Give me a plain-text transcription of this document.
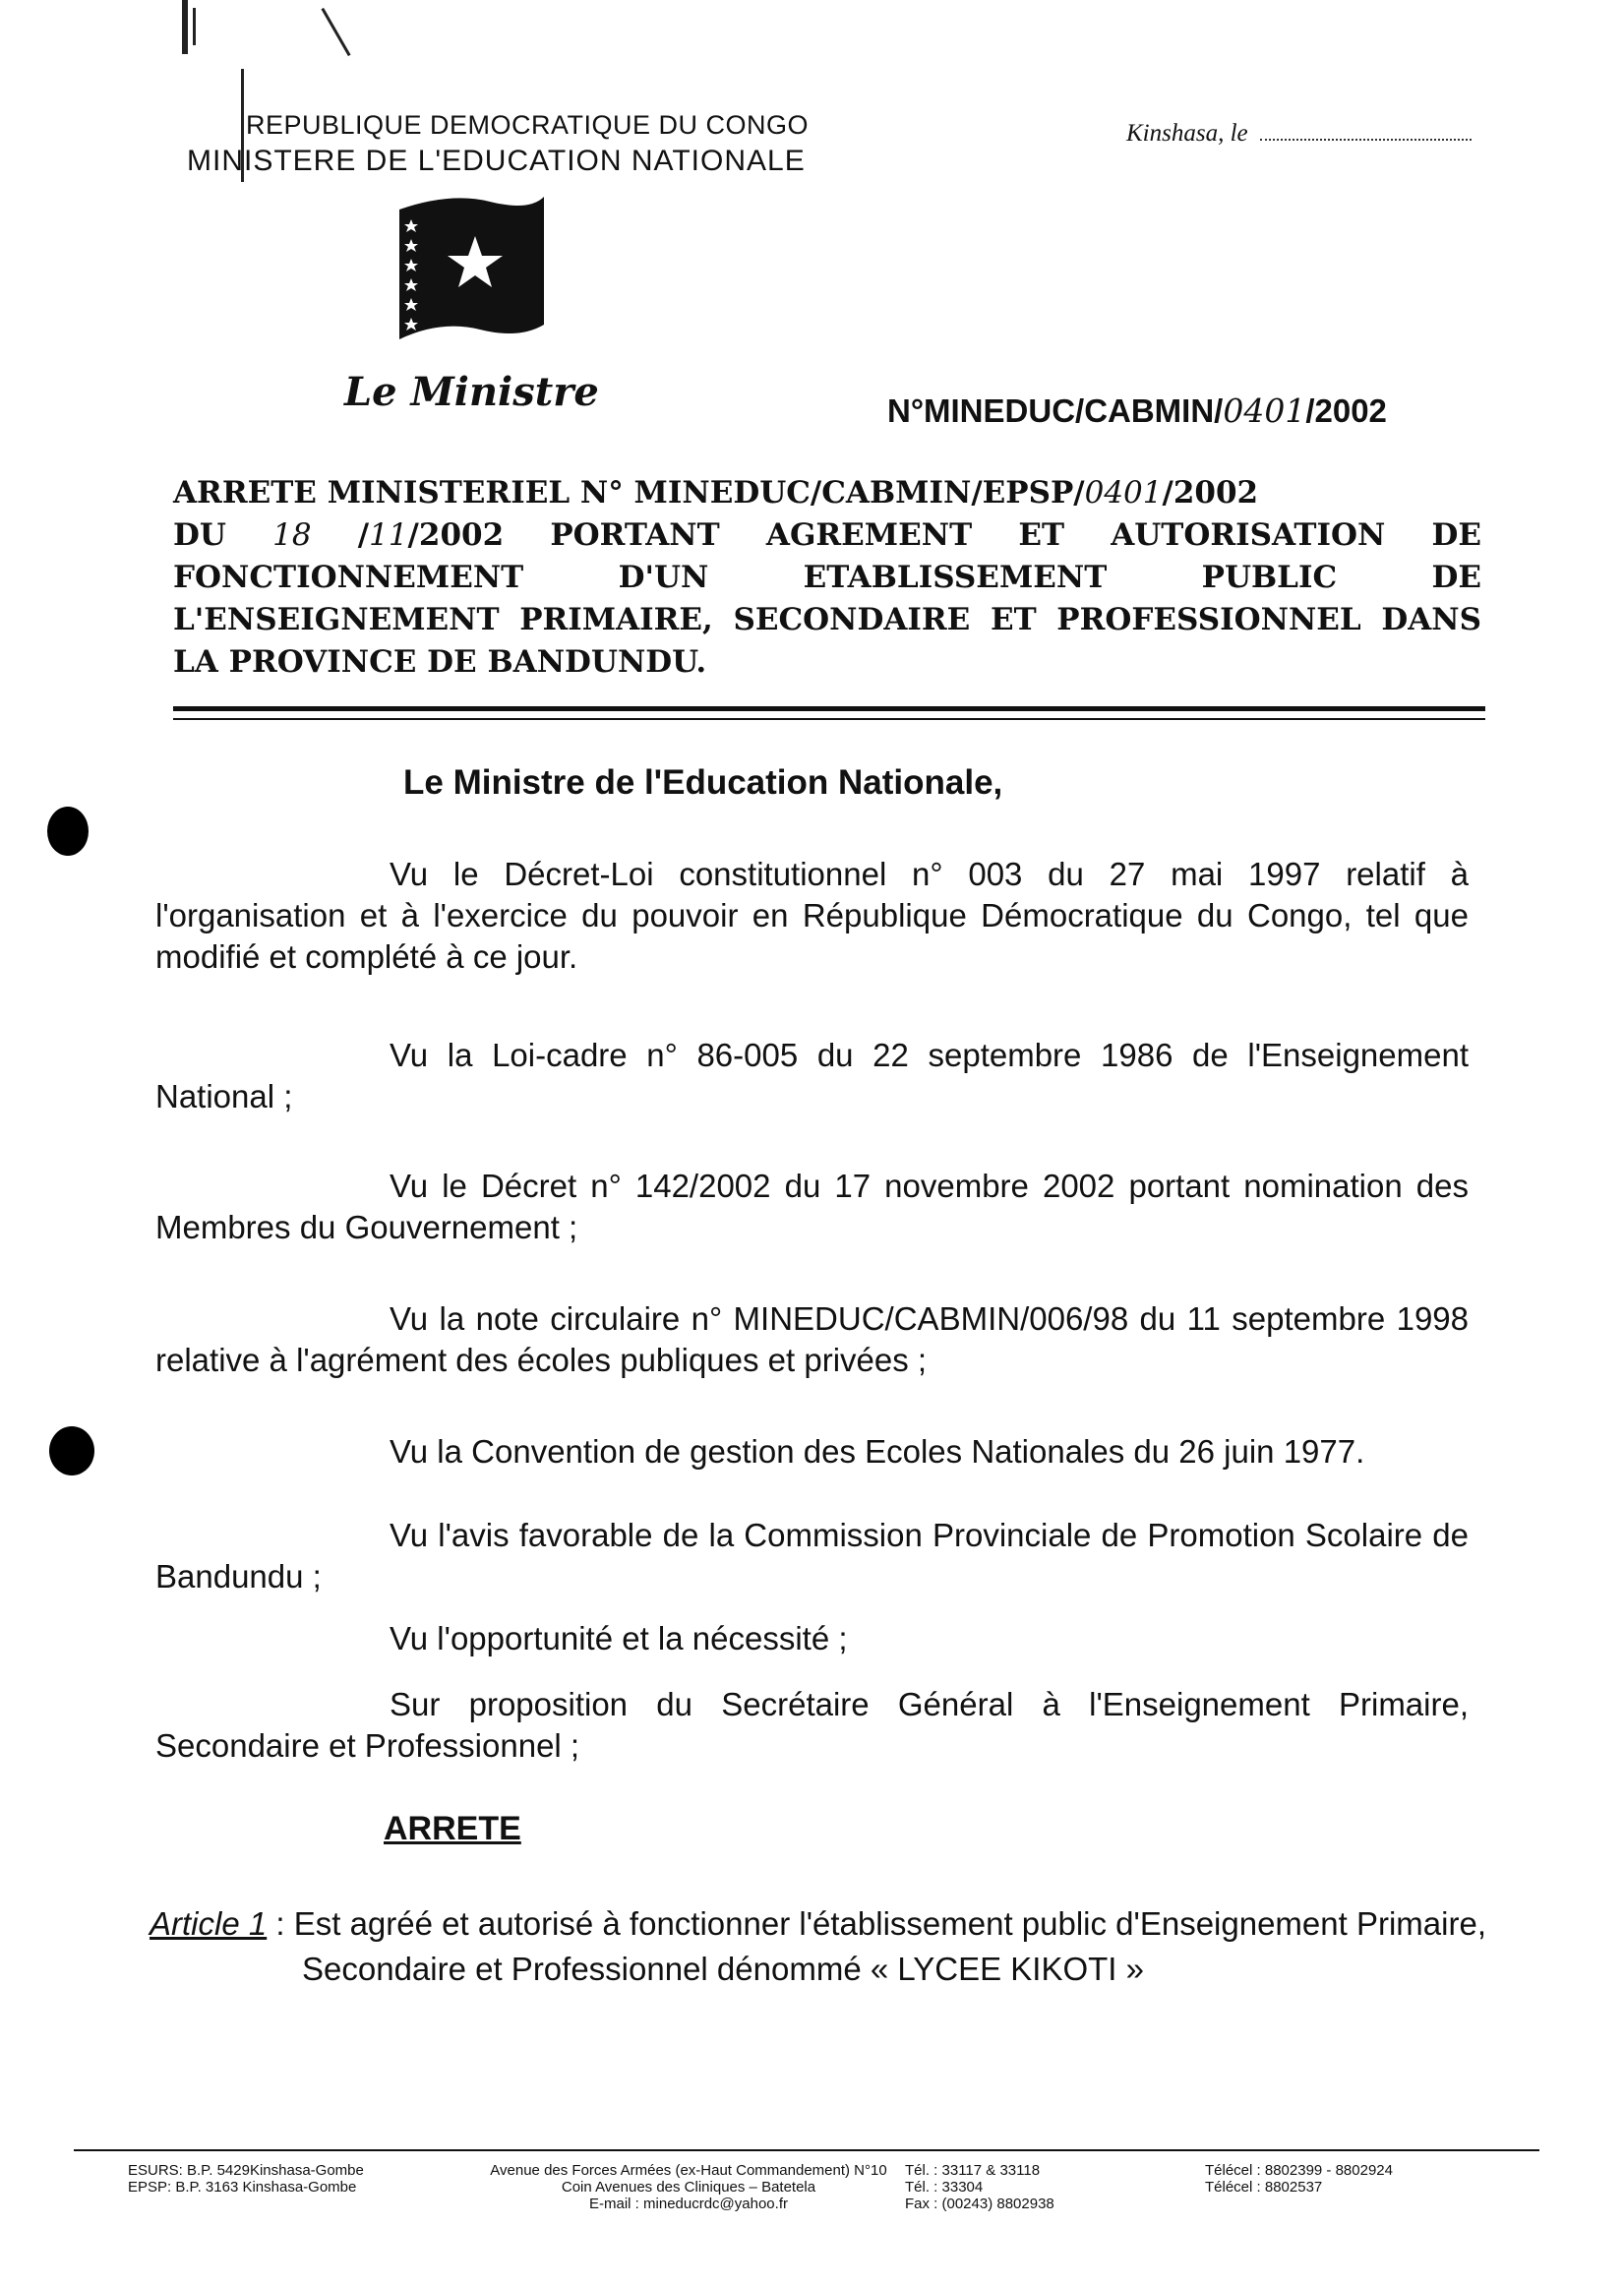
REPUBLIQUE DEMOCRATIQUE DU CONGO
MINISTERE DE L'EDUCATION NATIONALE
Kinshasa, le
Le Ministre	N°MINEDUC/CABMIN/0401/2002
ARRETE MINISTERIEL N° MINEDUC/CABMIN/EPSP/0401/2002
DU 18 /11/2002 PORTANT AGREMENT ET AUTORISATION DE FONCTIONNEMENT D'UN ETABLISSEMENT PUBLIC DE L'ENSEIGNEMENT PRIMAIRE, SECONDAIRE ET PROFESSIONNEL DANS LA PROVINCE DE BANDUNDU.
Le Ministre de l'Education Nationale,
Vu le Décret-Loi constitutionnel n° 003 du 27 mai 1997 relatif à l'organisation et à l'exercice du pouvoir en République Démocratique du Congo, tel que modifié et complété à ce jour.
Vu la Loi-cadre n° 86-005 du 22 septembre 1986 de l'Enseignement National ;
Vu le Décret n° 142/2002 du 17 novembre 2002 portant nomination des Membres du Gouvernement ;
Vu la note circulaire n° MINEDUC/CABMIN/006/98 du 11 septembre 1998 relative à l'agrément des écoles publiques et privées ;
Vu la Convention de gestion des Ecoles Nationales du 26 juin 1977.
Vu l'avis favorable de la Commission Provinciale de Promotion Scolaire de Bandundu ;
Vu l'opportunité et la nécessité ;
Sur proposition du Secrétaire Général à l'Enseignement Primaire, Secondaire et Professionnel ;
ARRETE
Article 1 : Est agréé et autorisé à fonctionner l'établissement public d'Enseignement Primaire,
Secondaire et Professionnel dénommé « LYCEE KIKOTI »
ESURS: B.P. 5429Kinshasa-Gombe
EPSP: B.P. 3163 Kinshasa-Gombe
Avenue des Forces Armées (ex-Haut Commandement) N°10
Coin Avenues des Cliniques – Batetela
E-mail : mineducrdc@yahoo.fr
Tél. : 33117 & 33118
Tél. : 33304
Fax : (00243) 8802938
Télécel : 8802399 - 8802924
Télécel : 8802537
